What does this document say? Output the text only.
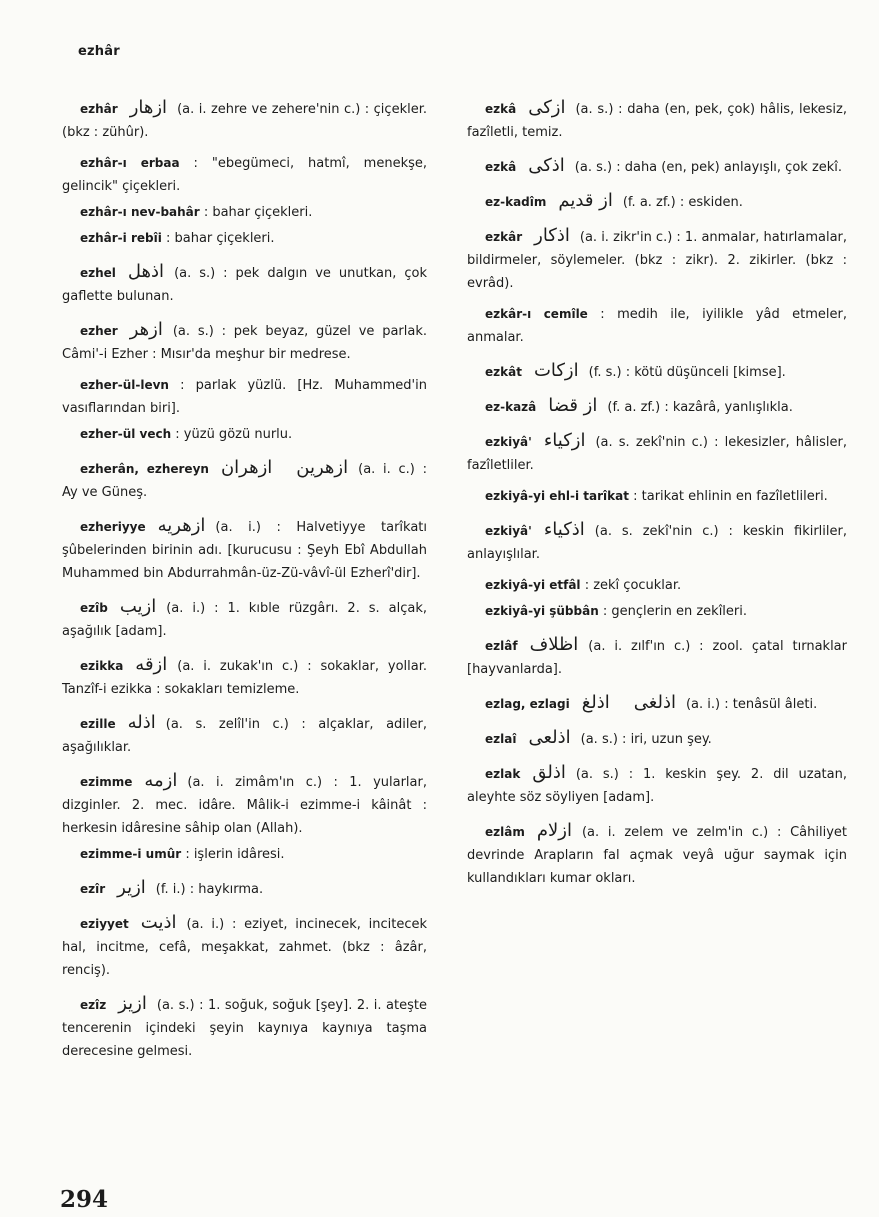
ezhâr

ezhâr ازهار (a. i. zehre ve zehere'nin c.) : çiçekler. (bkz : zühûr).

ezhâr-ı erbaa : "ebegümeci, hatmî, menekşe, gelincik" çiçekleri.

ezhâr-ı nev-bahâr : bahar çiçekleri.

ezhâr-i rebîi : bahar çiçekleri.

ezhel اذهل (a. s.) : pek dalgın ve unutkan, çok gaflette bulunan.

ezher ازهر (a. s.) : pek beyaz, güzel ve parlak. Câmi'-i Ezher : Mısır'da meşhur bir medrese.

ezher-ül-levn : parlak yüzlü. [Hz. Muhammed'in vasıflarından biri].

ezher-ül vech : yüzü gözü nurlu.

ezherân, ezhereyn ازهران ازهرين (a. i. c.) : Ay ve Güneş.

ezheriyye ازهريه (a. i.) : Halvetiyye tarîkatı şûbelerinden birinin adı. [kurucusu : Şeyh Ebî Abdullah Muhammed bin Abdurrahmân-üz-Zü-vâvî-ül Ezherî'dir].

ezîb ازيب (a. i.) : 1. kıble rüzgârı. 2. s. alçak, aşağılık [adam].

ezikka ازقه (a. i. zukak'ın c.) : sokaklar, yollar. Tanzîf-i ezikka : sokakları temizleme.

ezille اذله (a. s. zelîl'in c.) : alçaklar, adiler, aşağılıklar.

ezimme ازمه (a. i. zimâm'ın c.) : 1. yularlar, dizginler. 2. mec. idâre. Mâlik-i ezimme-i kâinât : herkesin idâresine sâhip olan (Allah).

ezimme-i umûr : işlerin idâresi.

ezîr ازير (f. i.) : haykırma.

eziyyet اذيت (a. i.) : eziyet, incinecek, incitecek hal, incitme, cefâ, meşakkat, zahmet. (bkz : âzâr, renciş).

ezîz ازيز (a. s.) : 1. soğuk, soğuk [şey]. 2. i. ateşte tencerenin içindeki şeyin kaynıya kaynıya taşma derecesine gelmesi.

ezkâ ازكى (a. s.) : daha (en, pek, çok) hâlis, lekesiz, fazîletli, temiz.

ezkâ اذكى (a. s.) : daha (en, pek) anlayışlı, çok zekî.

ez-kadîm از قديم (f. a. zf.) : eskiden.

ezkâr اذكار (a. i. zikr'in c.) : 1. anmalar, hatırlamalar, bildirmeler, söylemeler. (bkz : zikr). 2. zikirler. (bkz : evrâd).

ezkâr-ı cemîle : medih ile, iyilikle yâd etmeler, anmalar.

ezkât ازكات (f. s.) : kötü düşünceli [kimse].

ez-kazâ از قضا (f. a. zf.) : kazârâ, yanlışlıkla.

ezkiyâ' ازكياء (a. s. zekî'nin c.) : lekesizler, hâlisler, fazîletliler.

ezkiyâ-yi ehl-i tarîkat : tarikat ehlinin en fazîletlileri.

ezkiyâ' اذكياء (a. s. zekî'nin c.) : keskin fikirliler, anlayışlılar.

ezkiyâ-yi etfâl : zekî çocuklar.

ezkiyâ-yi şübbân : gençlerin en zekîleri.

ezlâf اظلاف (a. i. zılf'ın c.) : zool. çatal tırnaklar [hayvanlarda].

ezlag, ezlagi اذلغ اذلغى (a. i.) : tenâsül âleti.

ezlaî اذلعى (a. s.) : iri, uzun şey.

ezlak اذلق (a. s.) : 1. keskin şey. 2. dil uzatan, aleyhte söz söyliyen [adam].

ezlâm ازلام (a. i. zelem ve zelm'in c.) : Câhiliyet devrinde Arapların fal açmak veyâ uğur saymak için kullandıkları kumar okları.

294
